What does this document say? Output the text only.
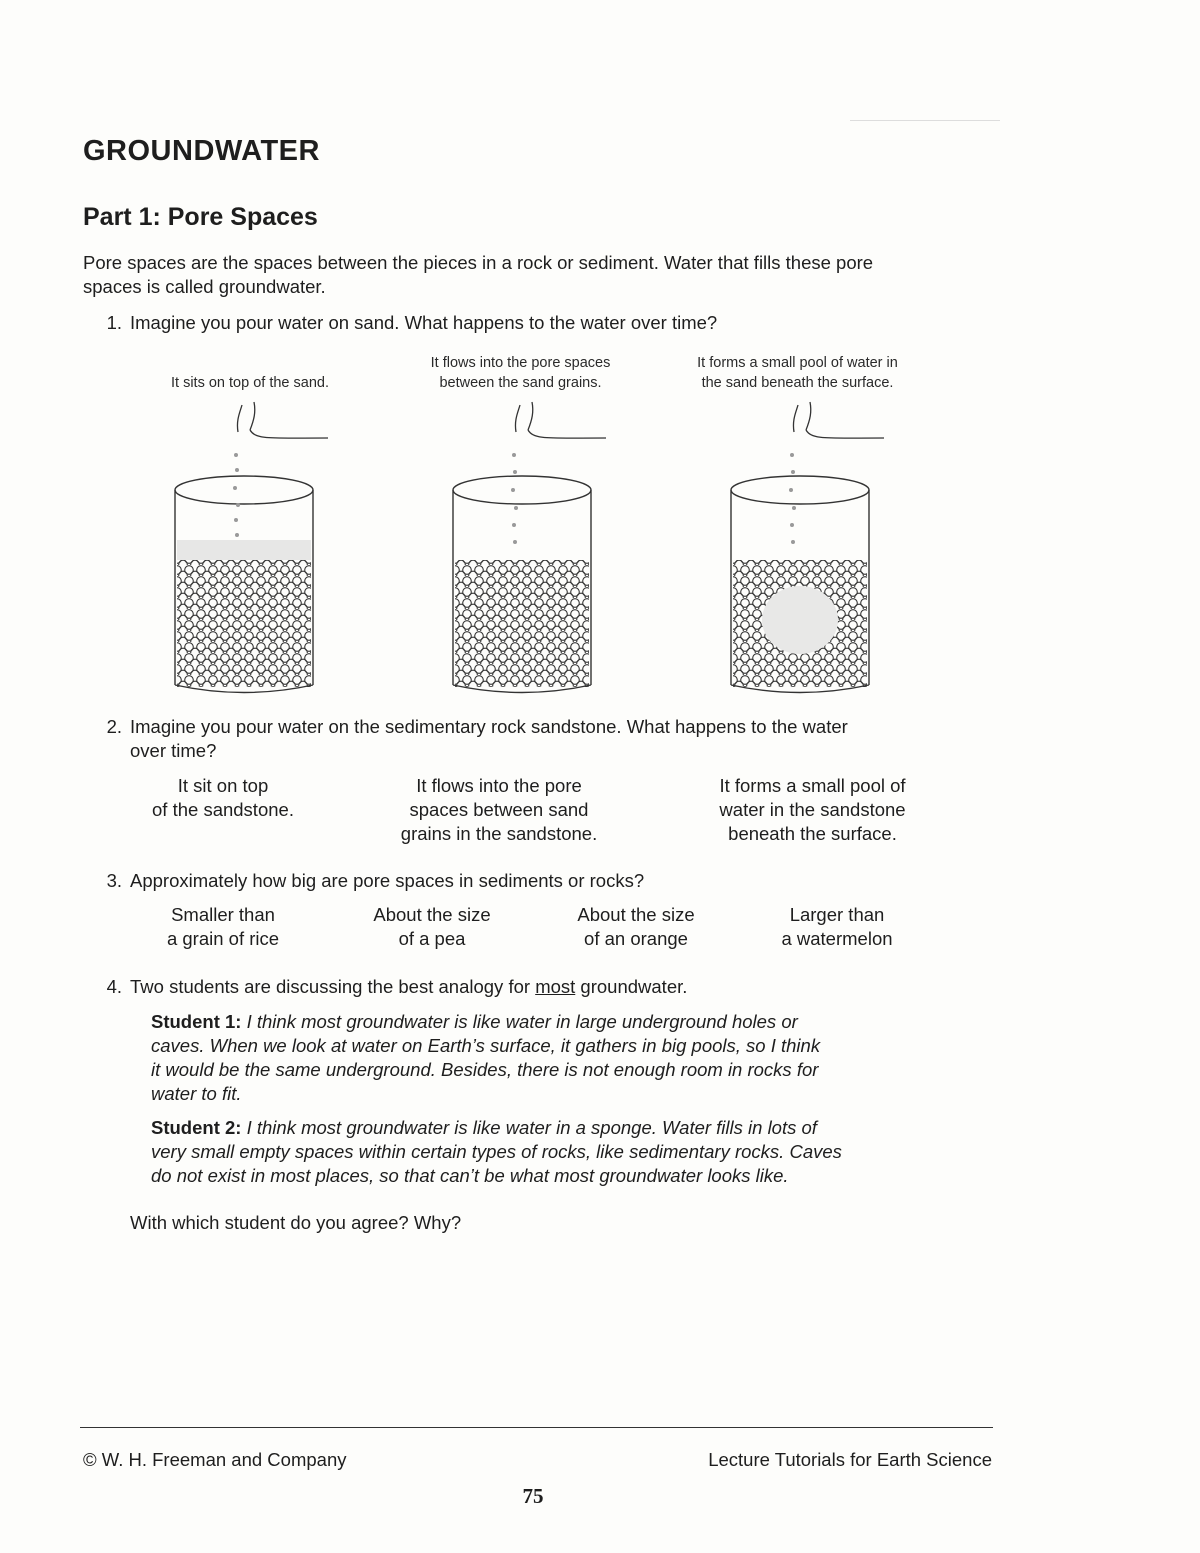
GROUNDWATER
Part 1: Pore Spaces
Pore spaces are the spaces between the pieces in a rock or sediment. Water that fills these pore
spaces is called groundwater.
1. Imagine you pour water on sand. What happens to the water over time?
It sits on top of the sand.
It flows into the pore spaces
between the sand grains.
It forms a small pool of water in
the sand beneath the surface.
2. Imagine you pour water on the sedimentary rock sandstone. What happens to the water
over time?
It sit on top
of the sandstone.
It flows into the pore
spaces between sand
grains in the sandstone.
It forms a small pool of
water in the sandstone
beneath the surface.
3. Approximately how big are pore spaces in sediments or rocks?
Smaller than
a grain of rice
About the size
of a pea
About the size
of an orange
Larger than
a watermelon
4. Two students are discussing the best analogy for most groundwater.
Student 1: I think most groundwater is like water in large underground holes or
caves. When we look at water on Earth’s surface, it gathers in big pools, so I think
it would be the same underground. Besides, there is not enough room in rocks for
water to fit.
Student 2: I think most groundwater is like water in a sponge. Water fills in lots of
very small empty spaces within certain types of rocks, like sedimentary rocks. Caves
do not exist in most places, so that can’t be what most groundwater looks like.
With which student do you agree? Why?
© W. H. Freeman and Company	Lecture Tutorials for Earth Science
75
